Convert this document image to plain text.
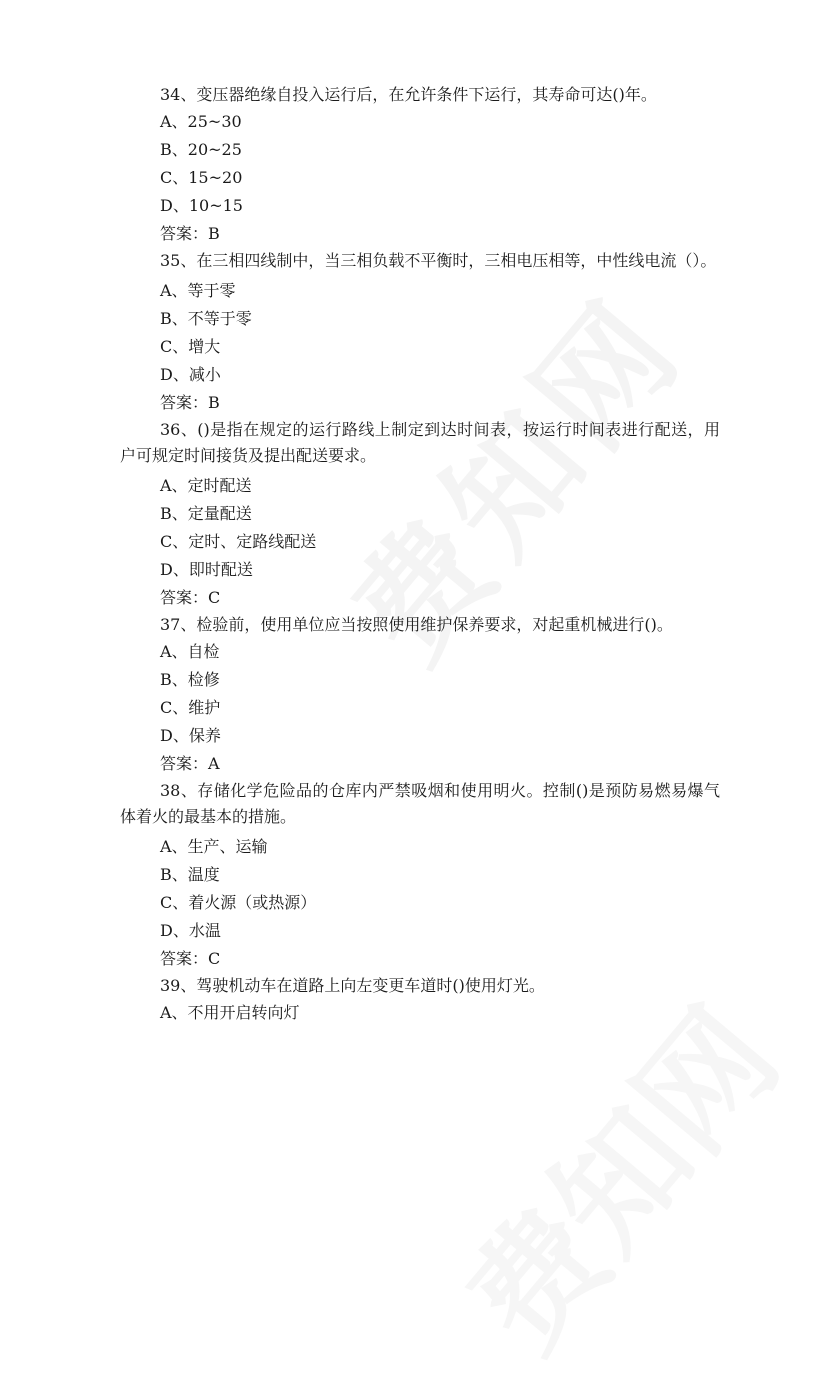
34、变压器绝缘自投入运行后，在允许条件下运行，其寿命可达()年。

A、25~30

B、20~25

C、15~20

D、10~15

答案：B

35、在三相四线制中，当三相负载不平衡时，三相电压相等，中性线电流（）。

A、等于零

B、不等于零

C、增大

D、减小

答案：B

36、()是指在规定的运行路线上制定到达时间表，按运行时间表进行配送，用户可规定时间接货及提出配送要求。

A、定时配送

B、定量配送

C、定时、定路线配送

D、即时配送

答案：C

37、检验前，使用单位应当按照使用维护保养要求，对起重机械进行()。

A、自检

B、检修

C、维护

D、保养

答案：A

38、存储化学危险品的仓库内严禁吸烟和使用明火。控制()是预防易燃易爆气体着火的最基本的措施。

A、生产、运输

B、温度

C、着火源（或热源）

D、水温

答案：C

39、驾驶机动车在道路上向左变更车道时()使用灯光。

A、不用开启转向灯
